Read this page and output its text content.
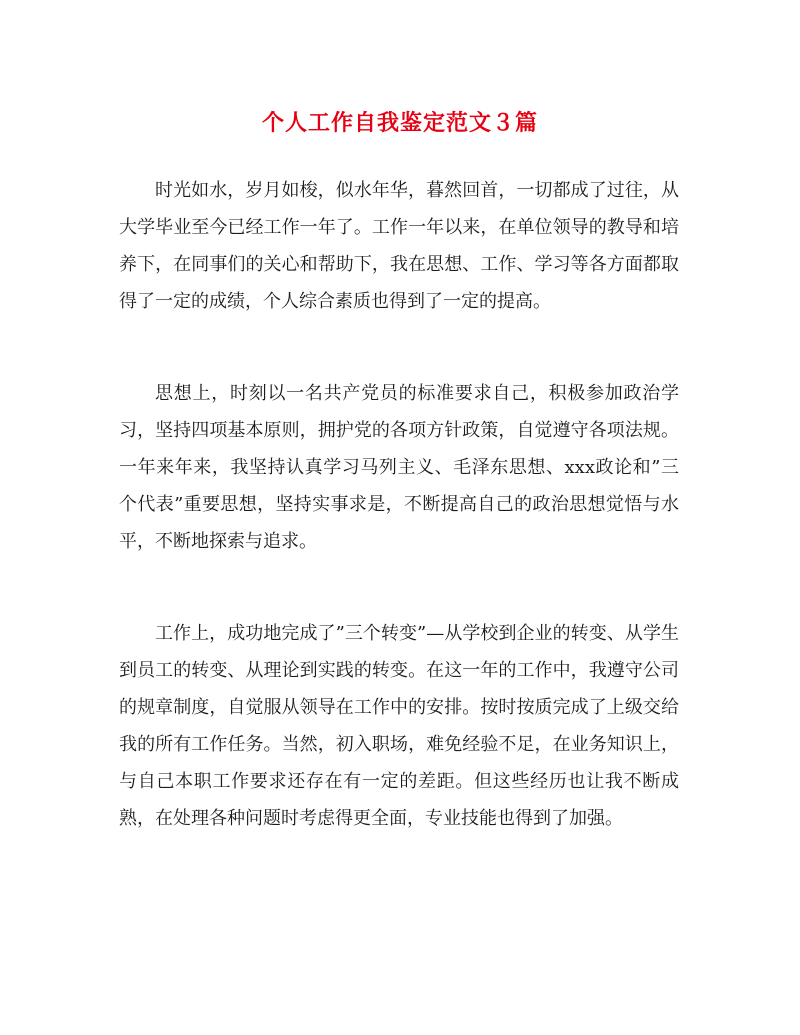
个人工作自我鉴定范文３篇

时光如水，岁月如梭，似水年华，暮然回首，一切都成了过往，从大学毕业至今已经工作一年了。工作一年以来，在单位领导的教导和培养下，在同事们的关心和帮助下，我在思想、工作、学习等各方面都取得了一定的成绩，个人综合素质也得到了一定的提高。

思想上，时刻以一名共产党员的标准要求自己，积极参加政治学习，坚持四项基本原则，拥护党的各项方针政策，自觉遵守各项法规。一年来年来，我坚持认真学习马列主义、毛泽东思想、xxx政论和”三个代表”重要思想，坚持实事求是，不断提高自己的政治思想觉悟与水平，不断地探索与追求。

工作上，成功地完成了”三个转变”—从学校到企业的转变、从学生到员工的转变、从理论到实践的转变。在这一年的工作中，我遵守公司的规章制度，自觉服从领导在工作中的安排。按时按质完成了上级交给我的所有工作任务。当然，初入职场，难免经验不足，在业务知识上，与自己本职工作要求还存在有一定的差距。但这些经历也让我不断成熟，在处理各种问题时考虑得更全面，专业技能也得到了加强。
